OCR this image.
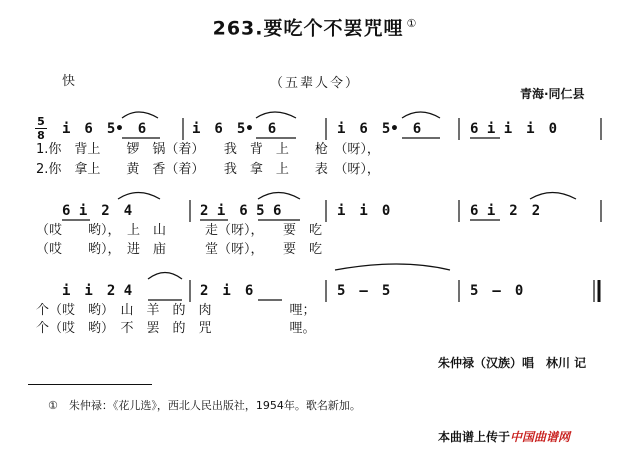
263.要吃个不罢咒哩 ①
快	（五辈人令）
青海·同仁县
5
8 i　6　5•　6	i　6　5•　6	i　6　5•　6	6 i i　i　0
1.你　背上　　锣　锅（着）　　我　背　上　　枪　（呀），
2.你　拿上　　黄　香（着）　　我　拿　上　　表　（呀），
6 i　2　4	2 i　6 5 6	i　i　0	6 i　2　2
（哎　　哟），　上　山　　　走（呀），　　要　吃
（哎　　哟），　进　庙　　　堂（呀），　　要　吃
i　i　2 4	2　i　6	5　—　5	5　—　0
个（哎　哟）　山　羊　的　肉　　　　　　哩；
个（哎　哟）　不　罢　的　咒　　　　　　哩。
朱仲禄（汉族）唱　林川 记
①　朱仲禄：《花儿选》，西北人民出版社，1954年。歌名新加。
本曲谱上传于中国曲谱网
